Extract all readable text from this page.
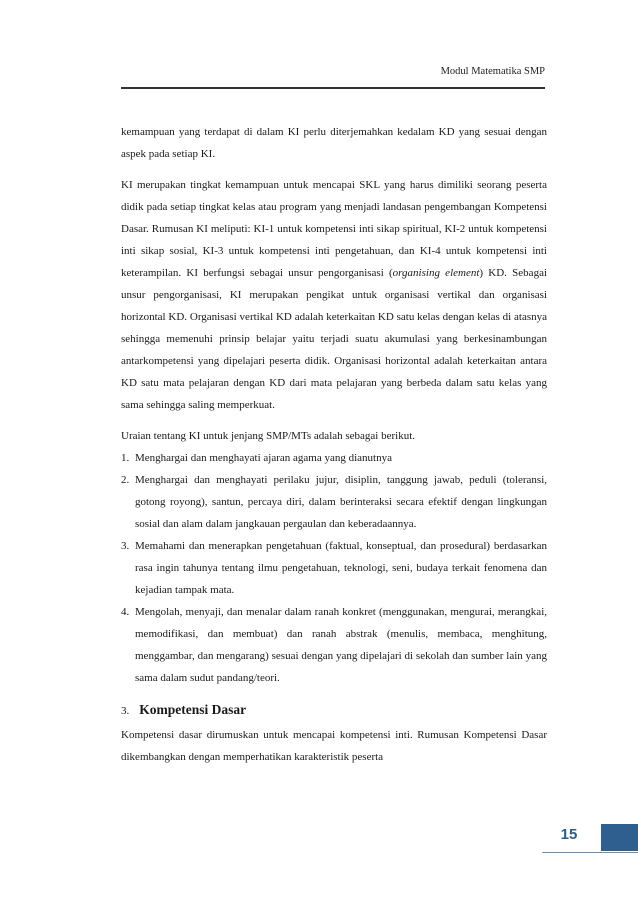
Modul Matematika SMP

kemampuan yang terdapat di dalam KI perlu diterjemahkan kedalam KD yang sesuai dengan aspek pada setiap KI.

KI merupakan tingkat kemampuan untuk mencapai SKL yang harus dimiliki seorang peserta didik pada setiap tingkat kelas atau program yang menjadi landasan pengembangan Kompetensi Dasar. Rumusan KI meliputi: KI-1 untuk kompetensi inti sikap spiritual, KI-2 untuk kompetensi inti sikap sosial, KI-3 untuk kompetensi inti pengetahuan, dan KI-4 untuk kompetensi inti keterampilan. KI berfungsi sebagai unsur pengorganisasi (organising element) KD. Sebagai unsur pengorganisasi, KI merupakan pengikat untuk organisasi vertikal dan organisasi horizontal KD. Organisasi vertikal KD adalah keterkaitan KD satu kelas dengan kelas di atasnya sehingga memenuhi prinsip belajar yaitu terjadi suatu akumulasi yang berkesinambungan antarkompetensi yang dipelajari peserta didik. Organisasi horizontal adalah keterkaitan antara KD satu mata pelajaran dengan KD dari mata pelajaran yang berbeda dalam satu kelas yang sama sehingga saling memperkuat.

Uraian tentang KI untuk jenjang SMP/MTs adalah sebagai berikut.

1. Menghargai dan menghayati ajaran agama yang dianutnya
2. Menghargai dan menghayati perilaku jujur, disiplin, tanggung jawab, peduli (toleransi, gotong royong), santun, percaya diri, dalam berinteraksi secara efektif dengan lingkungan sosial dan alam dalam jangkauan pergaulan dan keberadaannya.
3. Memahami dan menerapkan pengetahuan (faktual, konseptual, dan prosedural) berdasarkan rasa ingin tahunya tentang ilmu pengetahuan, teknologi, seni, budaya terkait fenomena dan kejadian tampak mata.
4. Mengolah, menyaji, dan menalar dalam ranah konkret (menggunakan, mengurai, merangkai, memodifikasi, dan membuat) dan ranah abstrak (menulis, membaca, menghitung, menggambar, dan mengarang) sesuai dengan yang dipelajari di sekolah dan sumber lain yang sama dalam sudut pandang/teori.
3. Kompetensi Dasar

Kompetensi dasar dirumuskan untuk mencapai kompetensi inti. Rumusan Kompetensi Dasar dikembangkan dengan memperhatikan karakteristik peserta

15
